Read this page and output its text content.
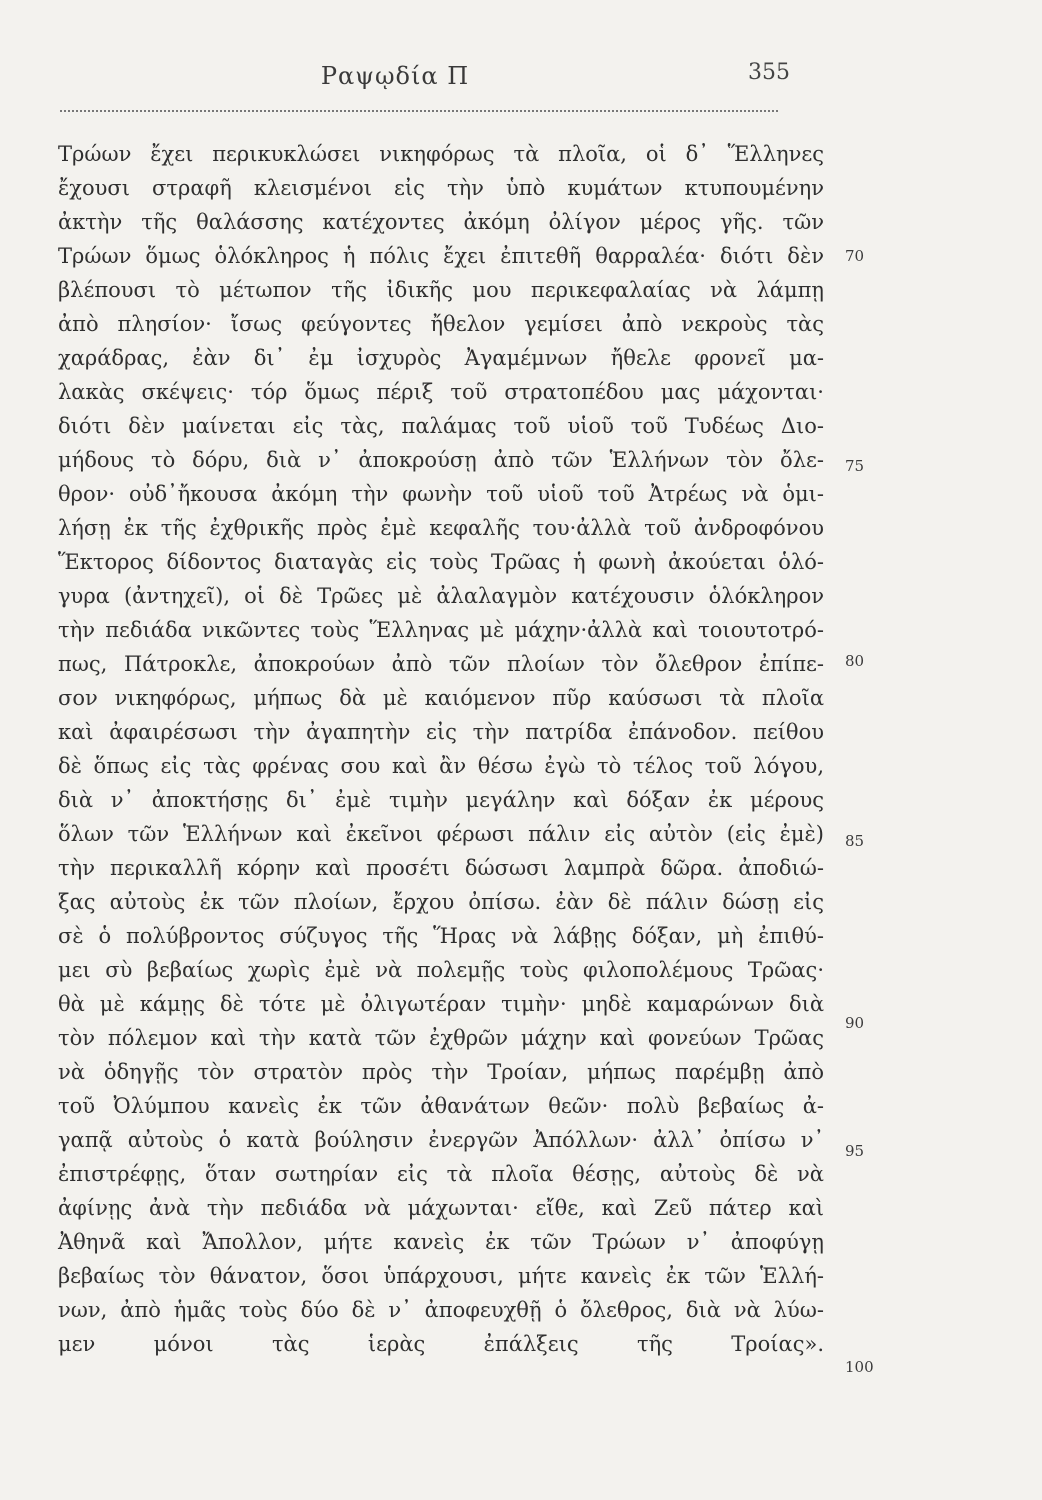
Ραψῳδία Π	355
Τρώων ἔχει περικυκλώσει νικηφόρως τὰ πλοῖα, οἱ δ᾽ Ἕλληνες
ἔχουσι στραφῆ κλεισμένοι εἰς τὴν ὑπὸ κυμάτων κτυπουμένην
ἀκτὴν τῆς θαλάσσης κατέχοντες ἀκόμη ὀλίγον μέρος γῆς. τῶν
Τρώων ὅμως ὁλόκληρος ἡ πόλις ἔχει ἐπιτεθῆ θαρραλέα· διότι δὲν
βλέπουσι τὸ μέτωπον τῆς ἰδικῆς μου περικεφαλαίας νὰ λάμπῃ
ἀπὸ πλησίον· ἴσως φεύγοντες ἤθελον γεμίσει ἀπὸ νεκροὺς τὰς
χαράδρας, ἐὰν δι᾽ ἐμ ἰσχυρὸς Ἀγαμέμνων ἤθελε φρονεῖ μα-
λακὰς σκέψεις· τόρ ὅμως πέριξ τοῦ στρατοπέδου μας μάχονται·
διότι δὲν μαίνεται εἰς τὰς, παλάμας τοῦ υἱοῦ τοῦ Τυδέως Διο-
μήδους τὸ δόρυ, διὰ ν᾽ ἀποκρούσῃ ἀπὸ τῶν Ἑλλήνων τὸν ὄλε-
θρον· οὐδ᾽ἤκουσα ἀκόμη τὴν φωνὴν τοῦ υἱοῦ τοῦ Ἀτρέως νὰ ὁμι-
λήσῃ ἐκ τῆς ἐχθρικῆς πρὸς ἐμὲ κεφαλῆς του·ἀλλὰ τοῦ ἀνδροφόνου
Ἕκτορος δίδοντος διαταγὰς εἰς τοὺς Τρῶας ἡ φωνὴ ἀκούεται ὁλό-
γυρα (ἀντηχεῖ), οἱ δὲ Τρῶες μὲ ἀλαλαγμὸν κατέχουσιν ὁλόκληρον
τὴν πεδιάδα νικῶντες τοὺς Ἕλληνας μὲ μάχην·ἀλλὰ καὶ τοιουτοτρό-
πως, Πάτροκλε, ἀποκρούων ἀπὸ τῶν πλοίων τὸν ὄλεθρον ἐπίπε-
σον νικηφόρως, μήπως δὰ μὲ καιόμενον πῦρ καύσωσι τὰ πλοῖα
καὶ ἀφαιρέσωσι τὴν ἀγαπητὴν εἰς τὴν πατρίδα ἐπάνοδον. πείθου
δὲ ὅπως εἰς τὰς φρένας σου καὶ ἂν θέσω ἐγὼ τὸ τέλος τοῦ λόγου,
διὰ ν᾽ ἀποκτήσῃς δι᾽ ἐμὲ τιμὴν μεγάλην καὶ δόξαν ἐκ μέρους
ὅλων τῶν Ἑλλήνων καὶ ἐκεῖνοι φέρωσι πάλιν εἰς αὐτὸν (εἰς ἐμὲ)
τὴν περικαλλῆ κόρην καὶ προσέτι δώσωσι λαμπρὰ δῶρα. ἀποδιώ-
ξας αὐτοὺς ἐκ τῶν πλοίων, ἔρχου ὀπίσω. ἐὰν δὲ πάλιν δώσῃ εἰς
σὲ ὁ πολύβροντος σύζυγος τῆς Ἥρας νὰ λάβῃς δόξαν, μὴ ἐπιθύ-
μει σὺ βεβαίως χωρὶς ἐμὲ νὰ πολεμῇς τοὺς φιλοπολέμους Τρῶας·
θὰ μὲ κάμῃς δὲ τότε μὲ ὀλιγωτέραν τιμὴν· μηδὲ καμαρώνων διὰ
τὸν πόλεμον καὶ τὴν κατὰ τῶν ἐχθρῶν μάχην καὶ φονεύων Τρῶας
νὰ ὁδηγῇς τὸν στρατὸν πρὸς τὴν Τροίαν, μήπως παρέμβῃ ἀπὸ
τοῦ Ὀλύμπου κανεὶς ἐκ τῶν ἀθανάτων θεῶν· πολὺ βεβαίως ἀ-
γαπᾷ αὐτοὺς ὁ κατὰ βούλησιν ἐνεργῶν Ἀπόλλων· ἀλλ᾽ ὀπίσω ν᾽
ἐπιστρέφῃς, ὅταν σωτηρίαν εἰς τὰ πλοῖα θέσῃς, αὐτοὺς δὲ νὰ
ἀφίνῃς ἀνὰ τὴν πεδιάδα νὰ μάχωνται· εἴθε, καὶ Ζεῦ πάτερ καὶ
Ἀθηνᾶ καὶ Ἄπολλον, μήτε κανεὶς ἐκ τῶν Τρώων ν᾽ ἀποφύγῃ
βεβαίως τὸν θάνατον, ὅσοι ὑπάρχουσι, μήτε κανεὶς ἐκ τῶν Ἑλλή-
νων, ἀπὸ ἡμᾶς τοὺς δύο δὲ ν᾽ ἀποφευχθῇ ὁ ὄλεθρος, διὰ νὰ λύω-
μεν μόνοι τὰς ἱερὰς ἐπάλξεις τῆς Τροίας».
70
75
80
85
90
95
100
